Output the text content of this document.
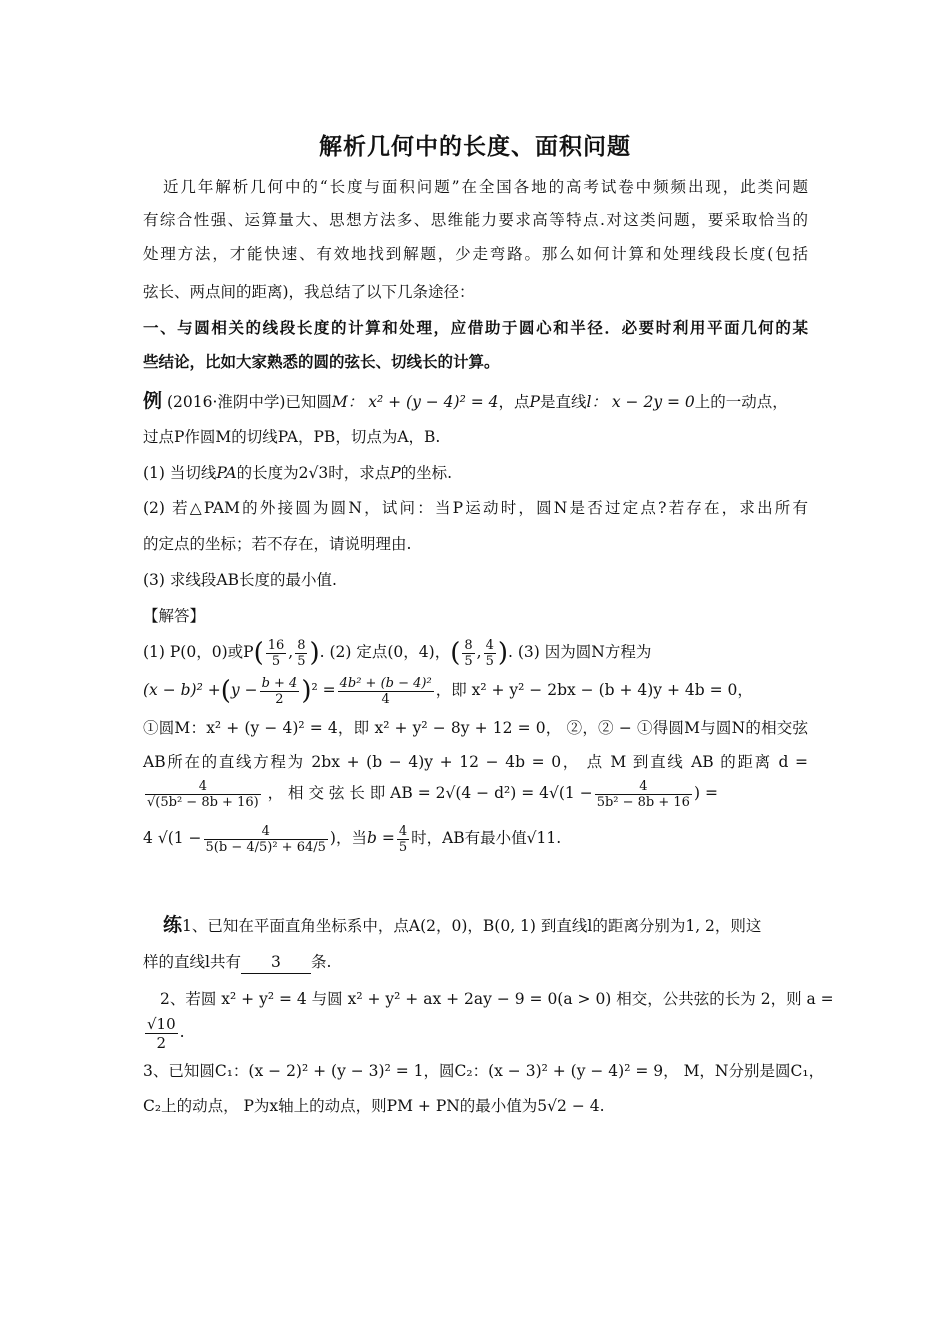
解析几何中的长度、面积问题
近几年解析几何中的“长度与面积问题”在全国各地的高考试卷中频频出现，此类问题
有综合性强、运算量大、思想方法多、思维能力要求高等特点.对这类问题，要采取恰当的
处理方法，才能快速、有效地找到解题，少走弯路。那么如何计算和处理线段长度(包括
弦长、两点间的距离)，我总结了以下几条途径：
一、与圆相关的线段长度的计算和处理，应借助于圆心和半径．必要时利用平面几何的某
些结论，比如大家熟悉的圆的弦长、切线长的计算。
例 (2016·淮阴中学)已知圆M： x² + (y − 4)² = 4，点P是直线l： x − 2y = 0上的一动点，
过点P作圆M的切线PA，PB，切点为A，B.
(1) 当切线PA的长度为2√3时，求点P的坐标.
(2) 若△PAM的外接圆为圆N，试问：当P运动时，圆N是否过定点?若存在，求出所有
的定点的坐标；若不存在，请说明理由.
(3) 求线段AB长度的最小值.
【解答】
(1) P(0，0)或$P( \frac{16}{5}$ , $\frac{8}{5}$ ). (2) 定点(0，4)，( $\frac{8}{5}$ , $\frac{4}{5}$ ). (3) 因为圆N方程为
$(x - b)^2 +(y - \frac{b + 4}{2} )^2 = \frac{\text{4b² + (b − 4)²}}{4}$ ，即 x² + y² − 2bx − (b + 4)y + 4b = 0，
①圆M：x² + (y − 4)² = 4，即 x² + y² − 8y + 12 = 0， ②，② − ①得圆M与圆N的相交弦
AB所在的直线方程为 2bx + (b − 4)y + 12 − 4b = 0， 点 M 到直线 AB 的距离 d =
$\frac{4}{\text{√(5b² − 8b + 16)}}$ ， 相 交 弦 长 即 AB = $2√(4 - d^2) = 4√(1 - \frac{4}{\text{5b² − 8b + 16}}$ ) =
4 $√(1 - \frac{4}{\text{5(b − 4/5)² + 64/5}}$ )，当$b = \frac{4}{5}$ 时，AB有最小值√11.
练1、已知在平面直角坐标系中，点A(2，0)，B(0, 1) 到直线l的距离分别为1, 2，则这
样的直线l共有 3 条.
2、若圆 x² + y² = 4 与圆 x² + y² + ax + 2ay − 9 = 0(a > 0) 相交，公共弦的长为 2，则 a =
$\frac{√10}{2}$ .
3、已知圆C₁：(x − 2)² + (y − 3)² = 1，圆C₂：(x − 3)² + (y − 4)² = 9， M，N分别是圆C₁，
C₂上的动点， P为x轴上的动点，则PM + PN的最小值为5√2 − 4.
